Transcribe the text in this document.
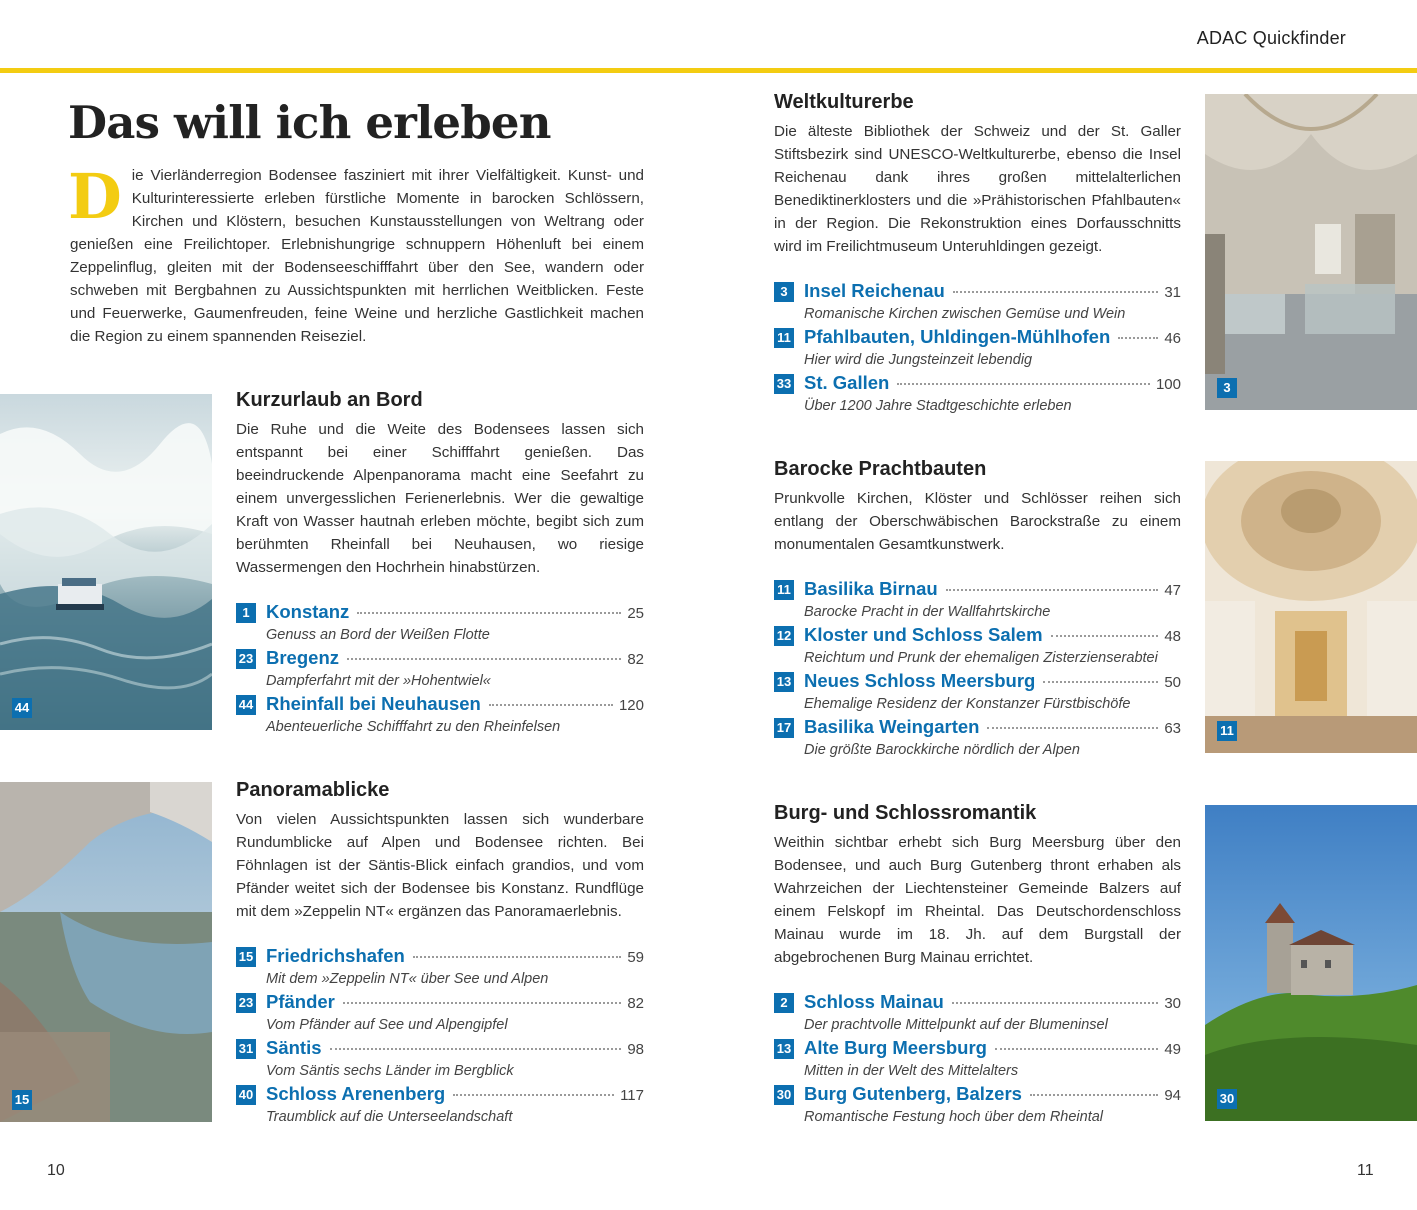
ADAC Quickfinder
Das will ich erleben
Die Vierländerregion Bodensee fasziniert mit ihrer Vielfältigkeit. Kunst- und Kulturinteressierte erleben fürstliche Momente in barocken Schlössern, Kirchen und Klöstern, besuchen Kunstausstellungen von Weltrang oder genießen eine Freilichtoper. Erlebnishungrige schnuppern Höhenluft bei einem Zeppelinflug, gleiten mit der Bodenseeschifffahrt über den See, wandern oder schweben mit Bergbahnen zu Aussichtspunkten mit herrlichen Weitblicken. Feste und Feuerwerke, Gaumenfreuden, feine Weine und herzliche Gastlichkeit machen die Region zu einem spannenden Reiseziel.
44
15
3
11
30
Kurzurlaub an Bord

Die Ruhe und die Weite des Bodensees lassen sich entspannt bei einer Schifffahrt genießen. Das beeindruckende Alpenpanorama macht eine Seefahrt zu einem unvergesslichen Ferienerlebnis. Wer die gewaltige Kraft von Wasser hautnah erleben möchte, begibt sich zum berühmten Rheinfall bei Neuhausen, wo riesige Wassermengen den Hochrhein hinabstürzen.

1 Konstanz	25
Genuss an Bord der Weißen Flotte
23 Bregenz	82
Dampferfahrt mit der »Hohentwiel«
44 Rheinfall bei Neuhausen	120
Abenteuerliche Schifffahrt zu den Rheinfelsen
Panoramablicke

Von vielen Aussichtspunkten lassen sich wunderbare Rundumblicke auf Alpen und Bodensee richten. Bei Föhnlagen ist der Säntis-Blick einfach grandios, und vom Pfänder weitet sich der Bodensee bis Konstanz. Rundflüge mit dem »Zeppelin NT« ergänzen das Panoramaerlebnis.

15 Friedrichshafen	59
Mit dem »Zeppelin NT« über See und Alpen
23 Pfänder	82
Vom Pfänder auf See und Alpengipfel
31 Säntis	98
Vom Säntis sechs Länder im Bergblick
40 Schloss Arenenberg	117
Traumblick auf die Unterseelandschaft
Weltkulturerbe

Die älteste Bibliothek der Schweiz und der St. Galler Stiftsbezirk sind UNESCO-Weltkulturerbe, ebenso die Insel Reichenau dank ihres großen mittelalterlichen Benediktinerklosters und die »Prähistorischen Pfahlbauten« in der Region. Die Rekonstruktion eines Dorfausschnitts wird im Freilichtmuseum Unteruhldingen gezeigt.

3 Insel Reichenau	31
Romanische Kirchen zwischen Gemüse und Wein
11 Pfahlbauten, Uhldingen-Mühlhofen	46
Hier wird die Jungsteinzeit lebendig
33 St. Gallen	100
Über 1200 Jahre Stadtgeschichte erleben
Barocke Prachtbauten

Prunkvolle Kirchen, Klöster und Schlösser reihen sich entlang der Oberschwäbischen Barockstraße zu einem monumentalen Gesamtkunstwerk.

11 Basilika Birnau	47
Barocke Pracht in der Wallfahrtskirche
12 Kloster und Schloss Salem	48
Reichtum und Prunk der ehemaligen Zisterzienserabtei
13 Neues Schloss Meersburg	50
Ehemalige Residenz der Konstanzer Fürstbischöfe
17 Basilika Weingarten	63
Die größte Barockkirche nördlich der Alpen
Burg- und Schlossromantik

Weithin sichtbar erhebt sich Burg Meersburg über den Bodensee, und auch Burg Gutenberg thront erhaben als Wahrzeichen der Liechtensteiner Gemeinde Balzers auf einem Felskopf im Rheintal. Das Deutschordenschloss Mainau wurde im 18. Jh. auf dem Burgstall der abgebrochenen Burg Mainau errichtet.

2 Schloss Mainau	30
Der prachtvolle Mittelpunkt auf der Blumeninsel
13 Alte Burg Meersburg	49
Mitten in der Welt des Mittelalters
30 Burg Gutenberg, Balzers	94
Romantische Festung hoch über dem Rheintal
10	11
